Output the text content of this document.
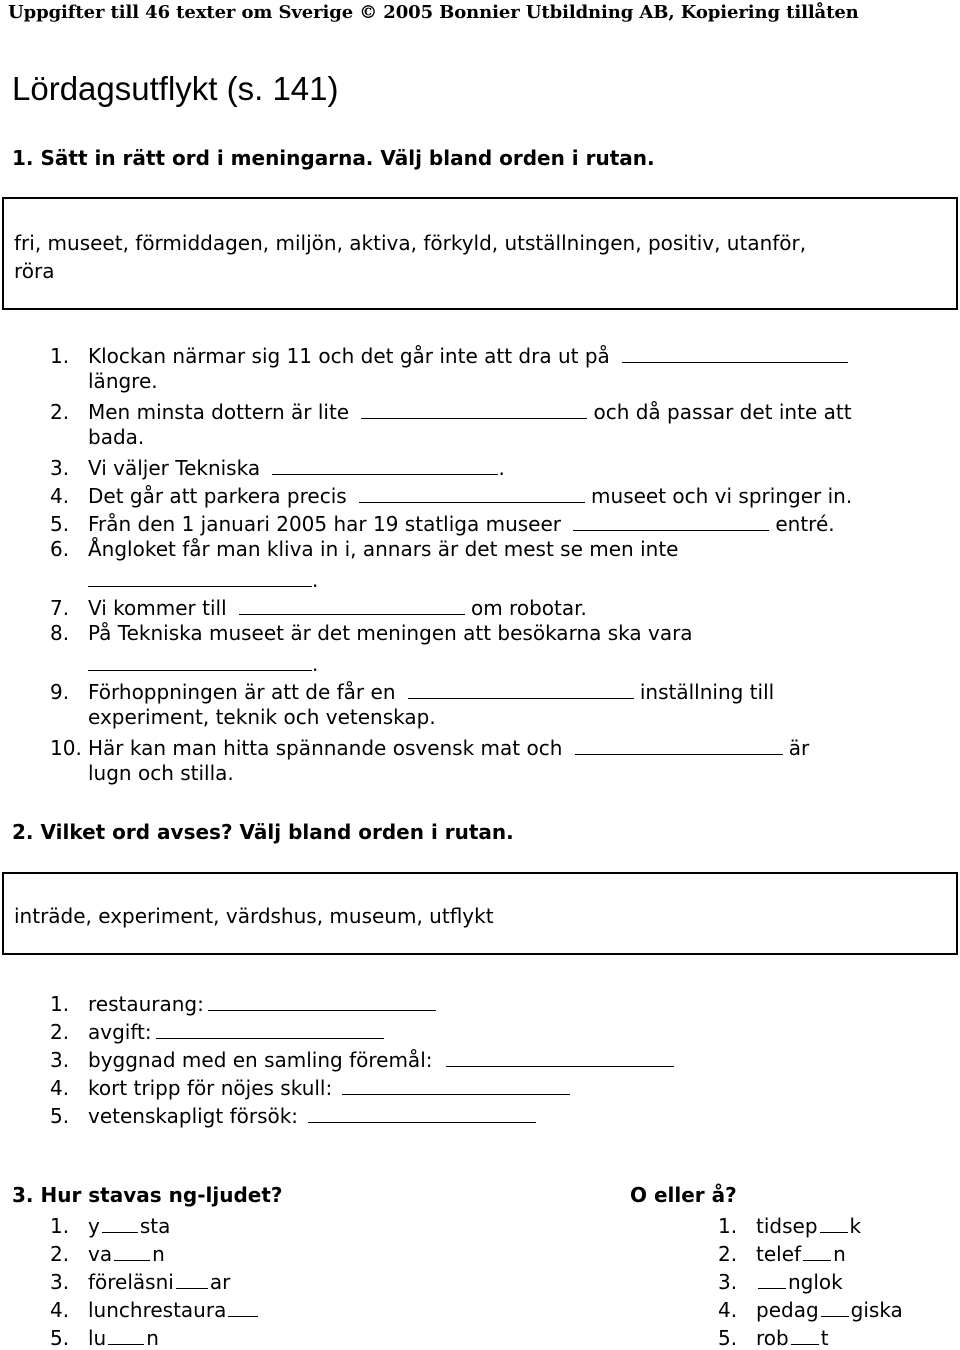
Uppgifter till 46 texter om Sverige © 2005 Bonnier Utbildning AB, Kopiering tillåten
Lördagsutflykt (s. 141)
1. Sätt in rätt ord i meningarna. Välj bland orden i rutan.
fri, museet, förmiddagen, miljön, aktiva, förkyld, utställningen, positiv, utanför,
röra
1. Klockan närmar sig 11 och det går inte att dra ut på
längre.
2. Men minsta dottern är lite	och då passar det inte att
bada.
3. Vi väljer Tekniska	.
4. Det går att parkera precis	museet och vi springer in.
5. Från den 1 januari 2005 har 19 statliga museer	entré.
6. Ångloket får man kliva in i, annars är det mest se men inte
.
7. Vi kommer till	om robotar.
8. På Tekniska museet är det meningen att besökarna ska vara
.
9. Förhoppningen är att de får en	inställning till
experiment, teknik och vetenskap.
10. Här kan man hitta spännande osvensk mat och	är
lugn och stilla.
2. Vilket ord avses? Välj bland orden i rutan.
inträde, experiment, värdshus, museum, utflykt
1. restaurang:
2. avgift:
3. byggnad med en samling föremål:
4. kort tripp för nöjes skull:
5. vetenskapligt försök:
3. Hur stavas ng-ljudet?	O eller å?
1. y sta
2. va n
3. föreläsni ar
4. lunchrestaura
5. lu n
1. tidsep k
2. telef n
3.	nglok
4. pedag giska
5. rob t
